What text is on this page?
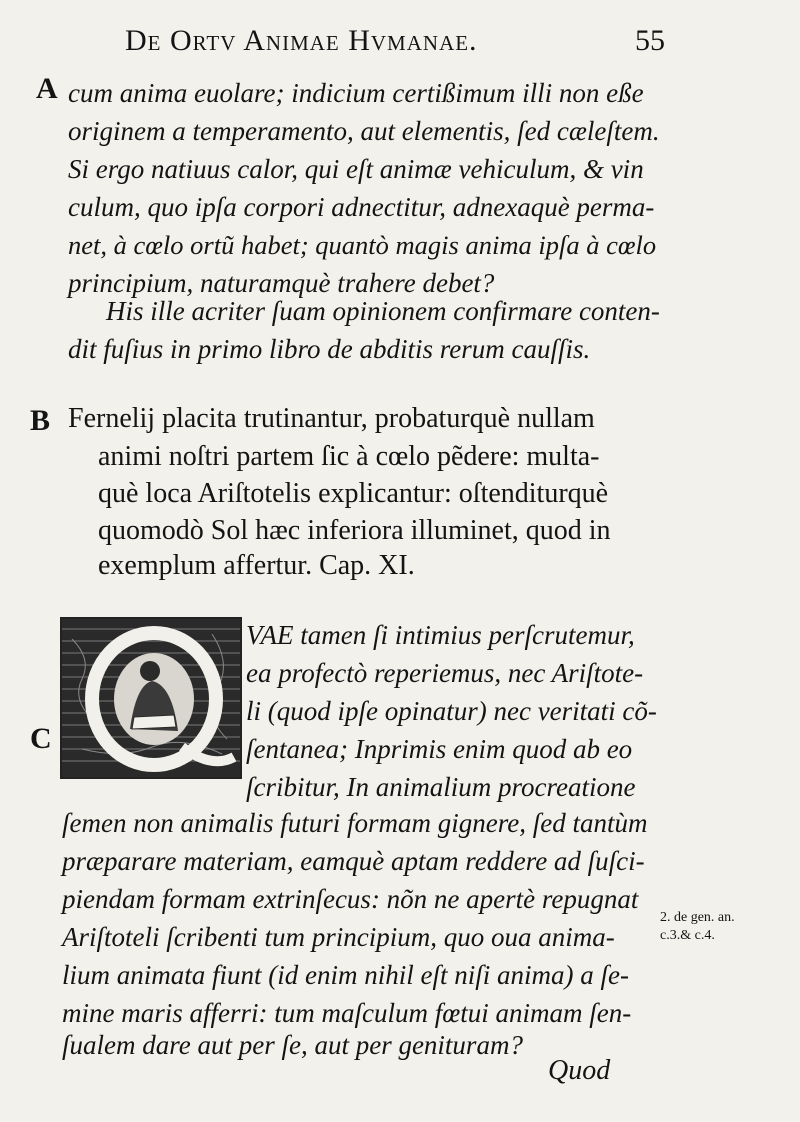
De Ortv Animae Hvmanae.	55
A
B
C
cum anima euolare; indicium certißimum illi non eße
originem a temperamento, aut elementis, ſed cæleſtem.
Si ergo natiuus calor, qui eſt animæ vehiculum, & vin
culum, quo ipſa corpori adnectitur, adnexaquè perma-
net, à cœlo ortũ habet; quantò magis anima ipſa à cœlo
principium, naturamquè trahere debet?
His ille acriter ſuam opinionem confirmare conten-
dit fuſius in primo libro de abditis rerum cauſſis.
Fernelij placita trutinantur, probaturquè nullam
animi noſtri partem ſic à cœlo pẽdere: multa-
què loca Ariſtotelis explicantur: oſtenditurquè
quomodò Sol hæc inferiora illuminet, quod in
exemplum affertur. Cap. XI.
VAE tamen ſi intimius perſcrutemur,
ea profectò reperiemus, nec Ariſtote-
li (quod ipſe opinatur) nec veritati cõ-
ſentanea; Inprimis enim quod ab eo
ſcribitur, In animalium procreatione
ſemen non animalis futuri formam gignere, ſed tantùm
præparare materiam, eamquè aptam reddere ad ſuſci-
piendam formam extrinſecus: nõn ne apertè repugnat
Ariſtoteli ſcribenti tum principium, quo oua anima-
lium animata fiunt (id enim nihil eſt niſi anima) a ſe-
mine maris afferri: tum maſculum fœtui animam ſen-
ſualem dare aut per ſe, aut per genituram?
2. de gen. an.
c.3.& c.4.
Quod
